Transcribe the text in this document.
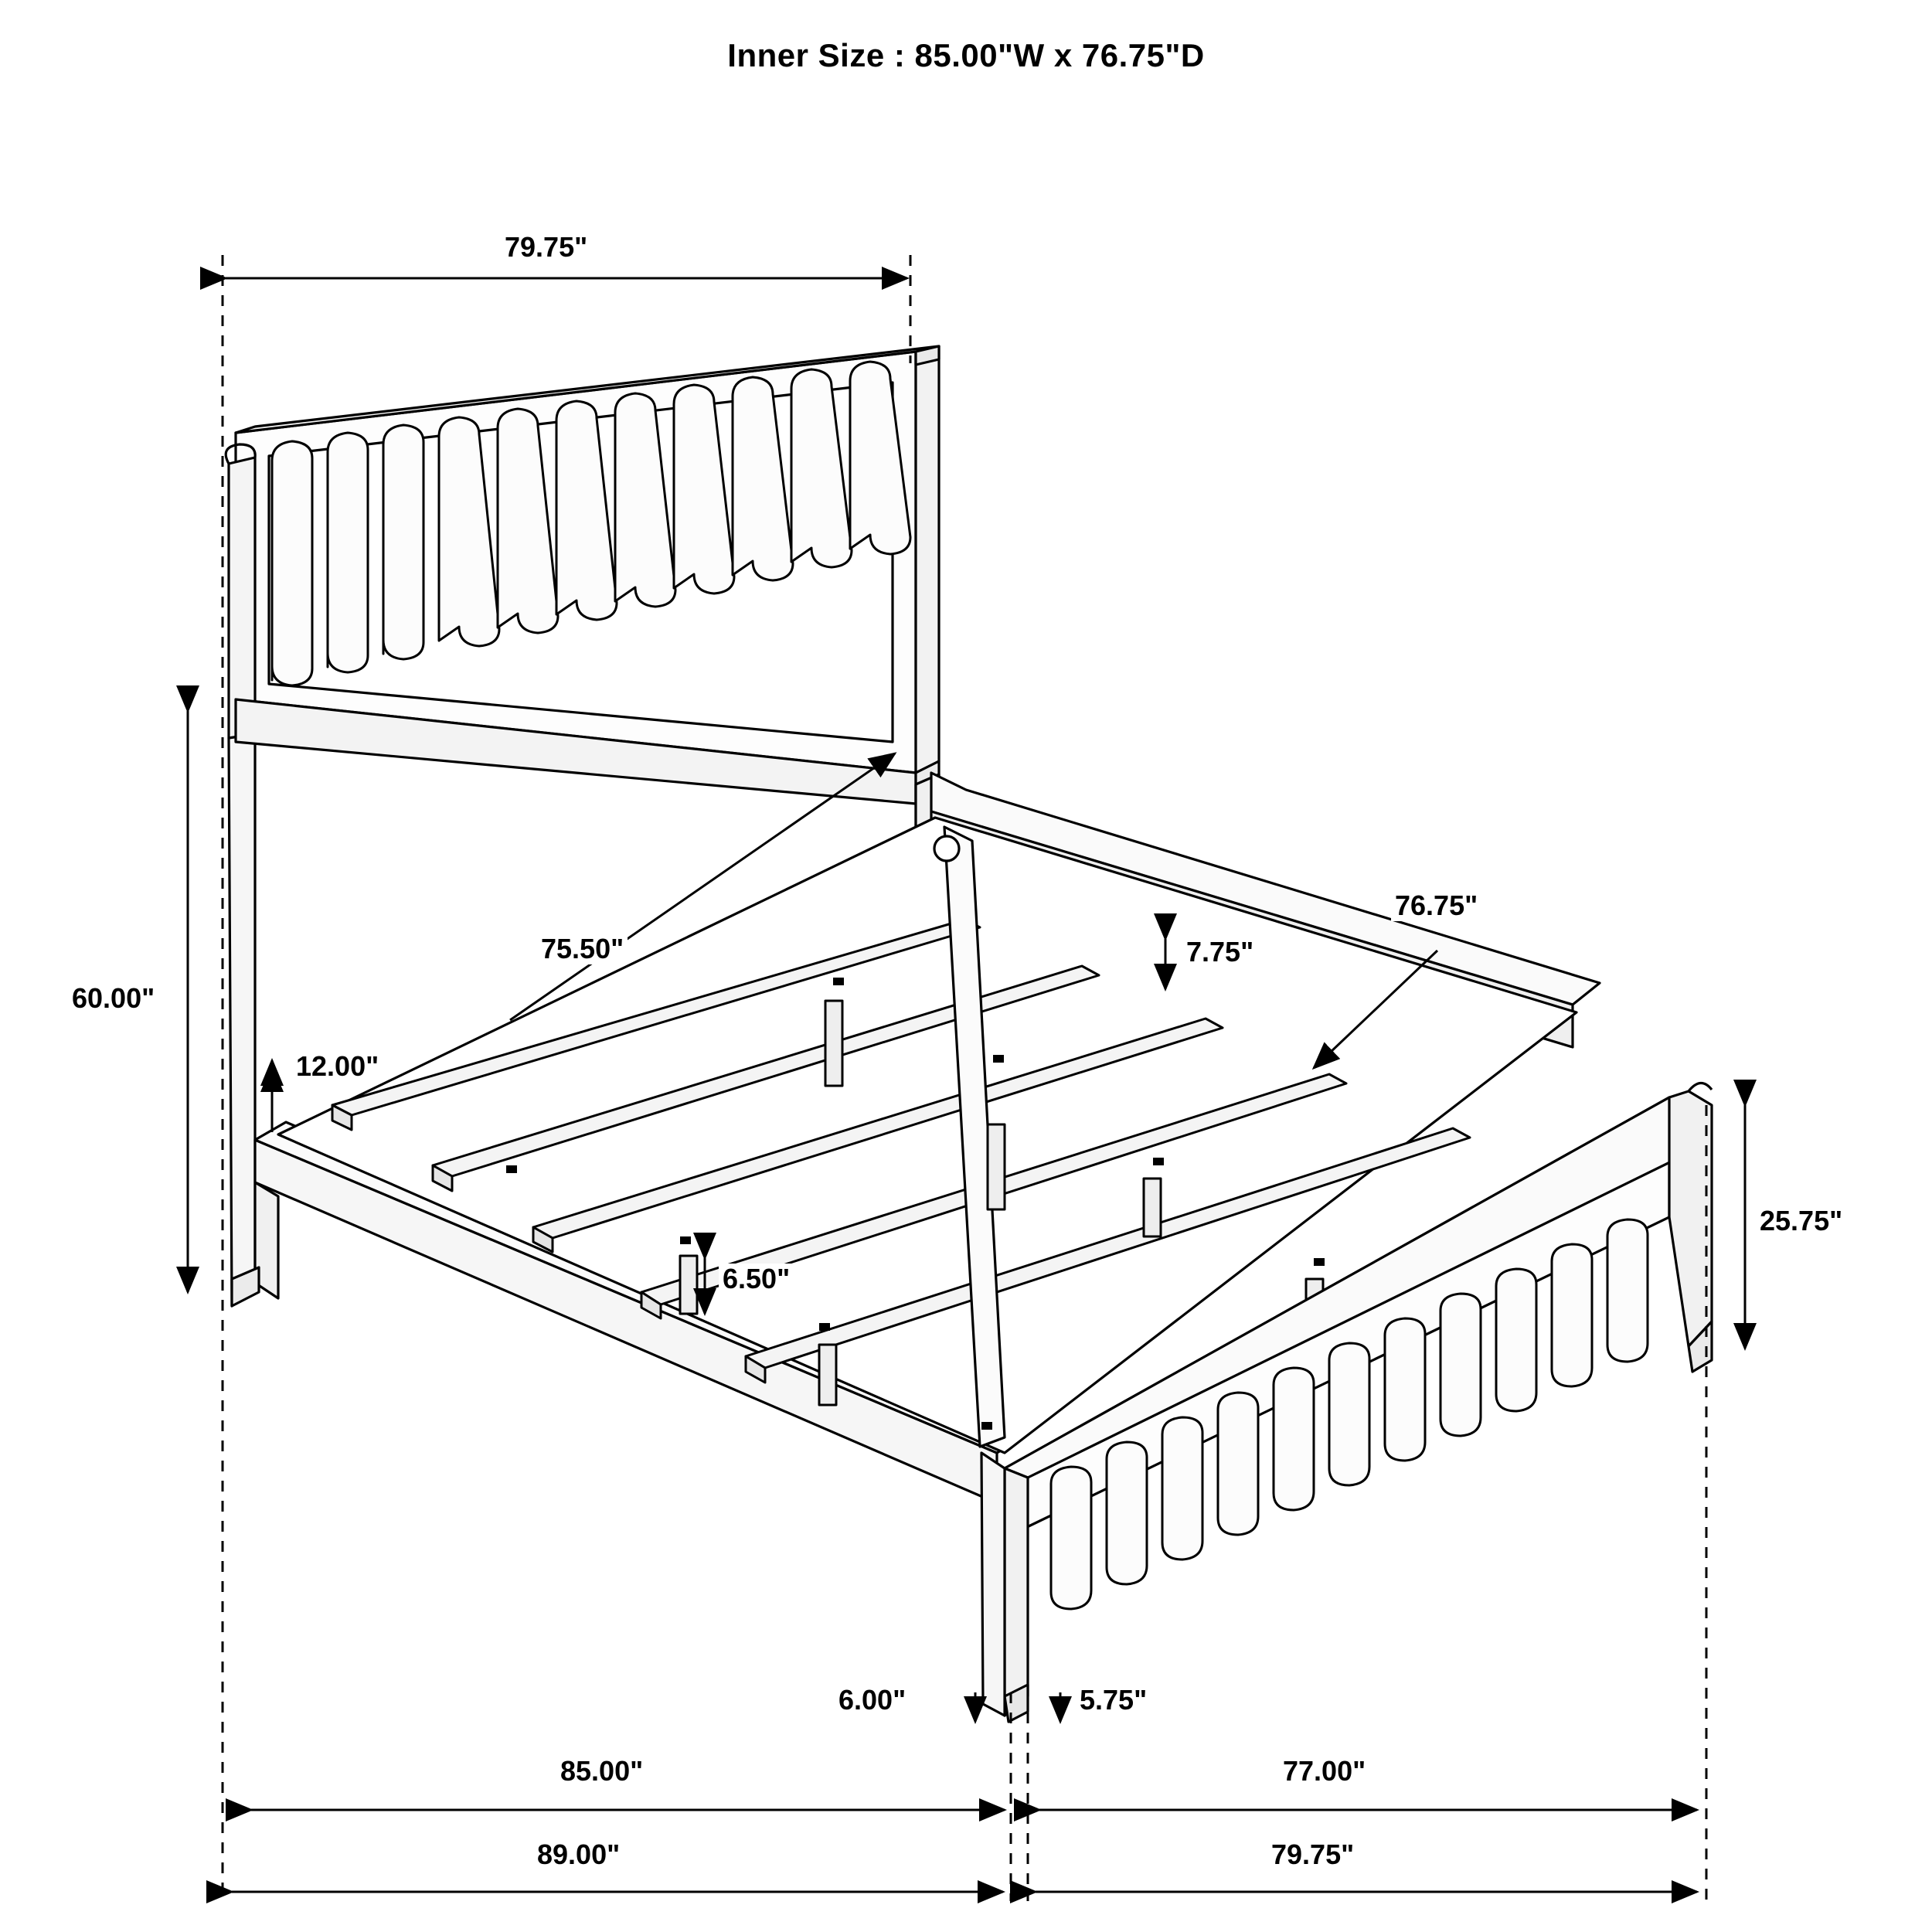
Inner Size : 85.00"W x 76.75"D
79.75"
60.00"
12.00"
75.50"	7.75"
76.75"
25.75"
6.50"
6.00"	5.75"
85.00"	77.00"
89.00"	79.75"
